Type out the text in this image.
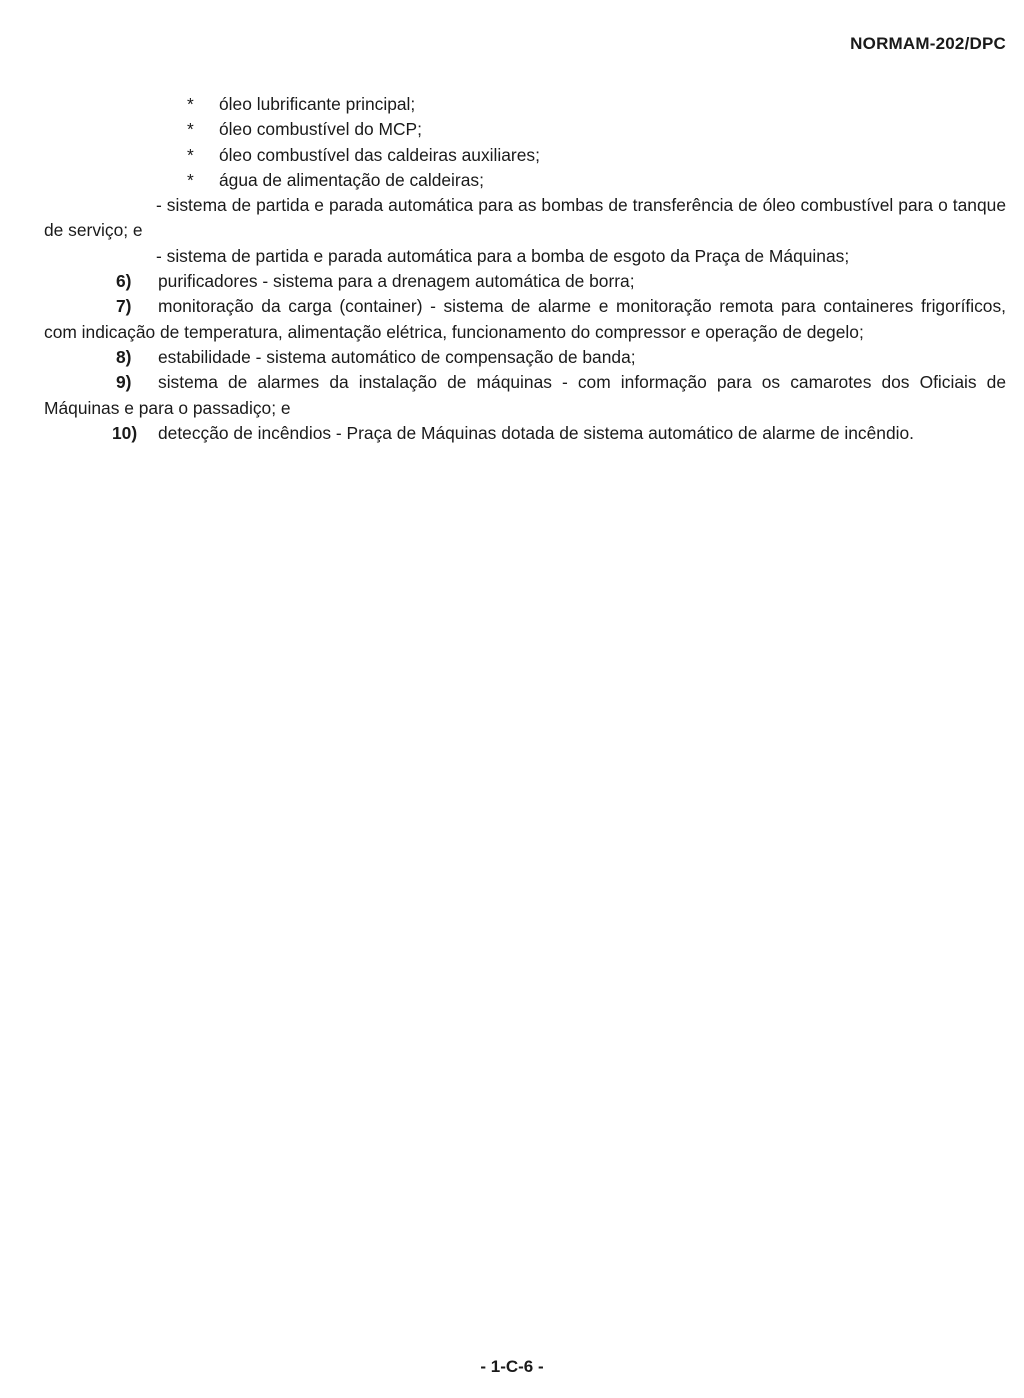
NORMAM-202/DPC
* óleo lubrificante principal;
* óleo combustível do MCP;
* óleo combustível das caldeiras auxiliares;
* água de alimentação de caldeiras;

- sistema de partida e parada automática para as bombas de transferência de óleo combustível para o tanque de serviço; e

- sistema de partida e parada automática para a bomba de esgoto da Praça de Máquinas;

6) purificadores - sistema para a drenagem automática de borra;

7) monitoração da carga (container) - sistema de alarme e monitoração remota para containeres frigoríficos, com indicação de temperatura, alimentação elétrica, funcionamento do compressor e operação de degelo;

8) estabilidade - sistema automático de compensação de banda;

9) sistema de alarmes da instalação de máquinas - com informação para os camarotes dos Oficiais de Máquinas e para o passadiço; e

10) detecção de incêndios - Praça de Máquinas dotada de sistema automático de alarme de incêndio.

- 1-C-6 -
